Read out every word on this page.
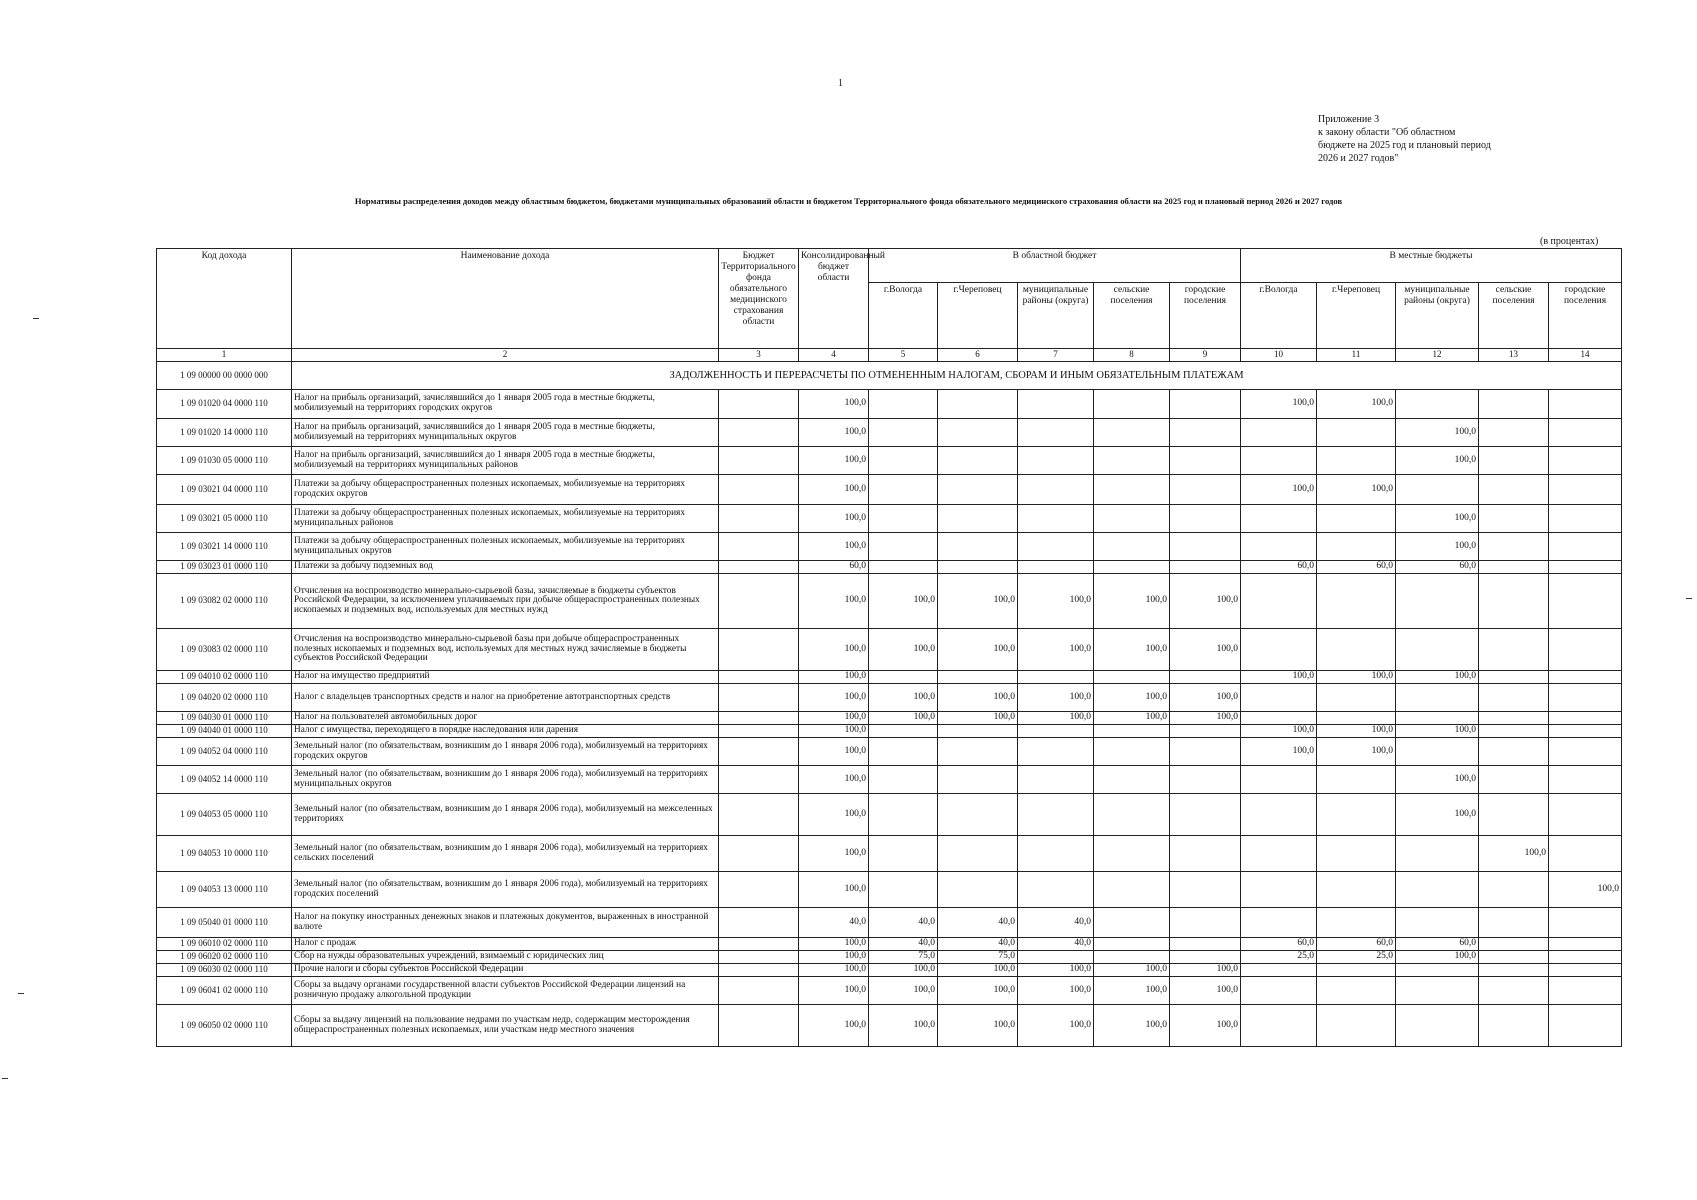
1
Приложение 3
к закону области "Об областном
бюджете на 2025 год и плановый период
2026 и 2027 годов"
Нормативы распределения доходов между областным бюджетом, бюджетами муниципальных образований области и бюджетом Территориального фонда обязательного медицинского страхования области на 2025 год и плановый период 2026 и 2027 годов
(в процентах)
Код дохода	Наименование дохода	Бюджет Территориального фонда обязательного медицинского страхования области	Консолидированный бюджет области	В областной бюджет					В местные бюджеты				
				г.Вологда	г.Череповец	муниципальные районы (округа)	сельские поселения	городские поселения	г.Вологда	г.Череповец	муниципальные районы (округа)	сельские поселения	городские поселения
1	2	3	4	5	6	7	8	9	10	11	12	13	14
1 09 00000 00 0000 000	ЗАДОЛЖЕННОСТЬ И ПЕРЕРАСЧЕТЫ ПО ОТМЕНЕННЫМ НАЛОГАМ, СБОРАМ И ИНЫМ ОБЯЗАТЕЛЬНЫМ ПЛАТЕЖАМ												
1 09 01020 04 0000 110	Налог на прибыль организаций, зачислявшийся до 1 января 2005 года в местные бюджеты, мобилизуемый на территориях городских округов		100,0						100,0	100,0			
1 09 01020 14 0000 110	Налог на прибыль организаций, зачислявшийся до 1 января 2005 года в местные бюджеты, мобилизуемый на территориях муниципальных округов		100,0								100,0		
1 09 01030 05 0000 110	Налог на прибыль организаций, зачислявшийся до 1 января 2005 года в местные бюджеты, мобилизуемый на территориях муниципальных районов		100,0								100,0		
1 09 03021 04 0000 110	Платежи за добычу общераспространенных полезных ископаемых, мобилизуемые на территориях городских округов		100,0						100,0	100,0			
1 09 03021 05 0000 110	Платежи за добычу общераспространенных полезных ископаемых, мобилизуемые на территориях муниципальных районов		100,0								100,0		
1 09 03021 14 0000 110	Платежи за добычу общераспространенных полезных ископаемых, мобилизуемые на территориях муниципальных округов		100,0								100,0		
1 09 03023 01 0000 110	Платежи за добычу подземных вод		60,0						60,0	60,0	60,0		
1 09 03082 02 0000 110	Отчисления на воспроизводство минерально-сырьевой базы, зачисляемые в бюджеты субъектов Российской Федерации, за исключением уплачиваемых при добыче общераспространенных полезных ископаемых и подземных вод, используемых для местных нужд		100,0	100,0	100,0	100,0	100,0	100,0					
1 09 03083 02 0000 110	Отчисления на воспроизводство минерально-сырьевой базы при добыче общераспространенных полезных ископаемых и подземных вод, используемых для местных нужд зачисляемые в бюджеты субъектов Российской Федерации		100,0	100,0	100,0	100,0	100,0	100,0					
1 09 04010 02 0000 110	Налог на имущество предприятий		100,0						100,0	100,0	100,0		
1 09 04020 02 0000 110	Налог с владельцев транспортных средств и налог на приобретение автотранспортных средств		100,0	100,0	100,0	100,0	100,0	100,0					
1 09 04030 01 0000 110	Налог на пользователей автомобильных дорог		100,0	100,0	100,0	100,0	100,0	100,0					
1 09 04040 01 0000 110	Налог с имущества, переходящего в порядке наследования или дарения		100,0						100,0	100,0	100,0		
1 09 04052 04 0000 110	Земельный налог (по обязательствам, возникшим до 1 января 2006 года), мобилизуемый на территориях городских округов		100,0						100,0	100,0			
1 09 04052 14 0000 110	Земельный налог (по обязательствам, возникшим до 1 января 2006 года), мобилизуемый на территориях муниципальных округов		100,0								100,0		
1 09 04053 05 0000 110	Земельный налог (по обязательствам, возникшим до 1 января 2006 года), мобилизуемый на межселенных территориях		100,0								100,0		
1 09 04053 10 0000 110	Земельный налог (по обязательствам, возникшим до 1 января 2006 года), мобилизуемый на территориях сельских поселений		100,0									100,0	
1 09 04053 13 0000 110	Земельный налог (по обязательствам, возникшим до 1 января 2006 года), мобилизуемый на территориях городских поселений		100,0										100,0
1 09 05040 01 0000 110	Налог на покупку иностранных денежных знаков и платежных документов, выраженных в иностранной валюте		40,0	40,0	40,0	40,0							
1 09 06010 02 0000 110	Налог с продаж		100,0	40,0	40,0	40,0			60,0	60,0	60,0		
1 09 06020 02 0000 110	Сбор на нужды образовательных учреждений, взимаемый с юридических лиц		100,0	75,0	75,0				25,0	25,0	100,0		
1 09 06030 02 0000 110	Прочие налоги и сборы субъектов Российской Федерации		100,0	100,0	100,0	100,0	100,0	100,0					
1 09 06041 02 0000 110	Сборы за выдачу органами государственной власти субъектов Российской Федерации лицензий на розничную продажу алкогольной продукции		100,0	100,0	100,0	100,0	100,0	100,0					
1 09 06050 02 0000 110	Сборы за выдачу лицензий на пользование недрами по участкам недр, содержащим месторождения общераспространенных полезных ископаемых, или участкам недр местного значения		100,0	100,0	100,0	100,0	100,0	100,0					
